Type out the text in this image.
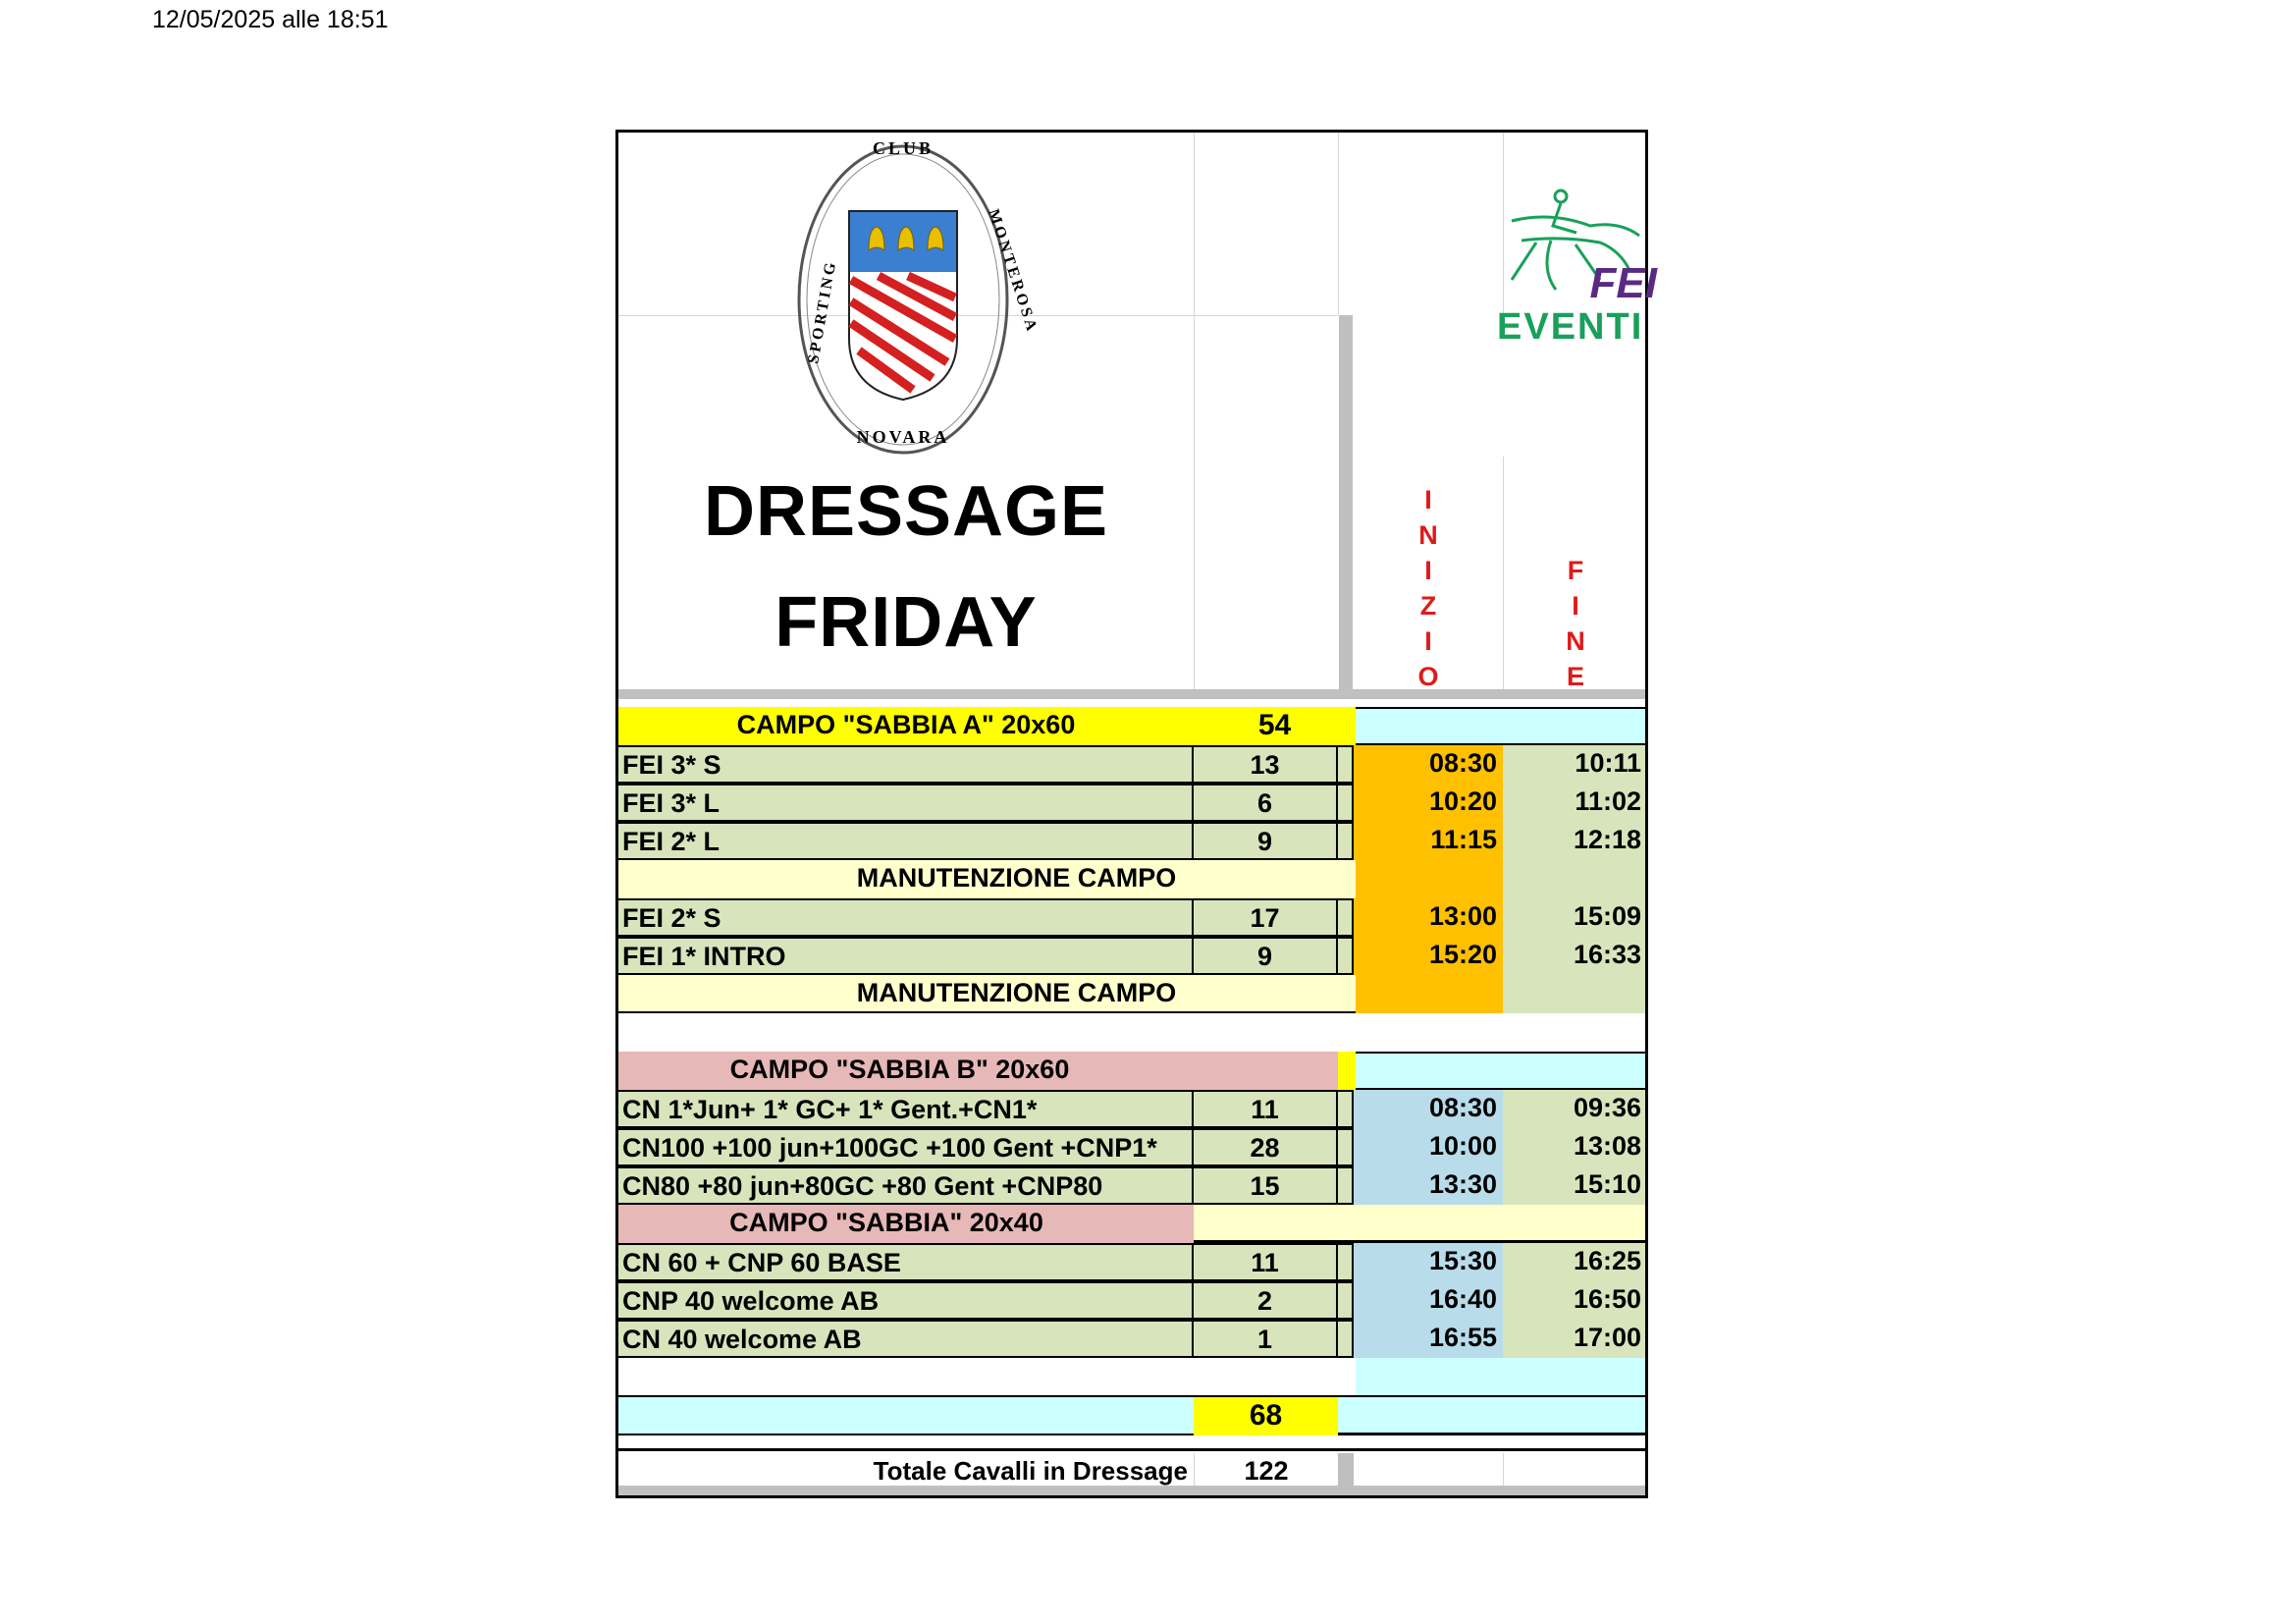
12/05/2025 alle 18:51
CLUB
NOVARA
SPORTING	MONTEROSA	FEI
EVENTI
DRESSAGE
FRIDAY
I
N
I
Z
I
O
F
I
N
E
CAMPO "SABBIA A" 20x60	54
FEI 3* S	13	08:30	10:11
FEI 3* L	6	10:20	11:02
FEI 2* L	9	11:15	12:18
MANUTENZIONE CAMPO
FEI 2* S	17	13:00	15:09
FEI 1* INTRO	9	15:20	16:33
MANUTENZIONE CAMPO
CAMPO "SABBIA B" 20x60
CN 1*Jun+ 1* GC+ 1* Gent.+CN1*	11	08:30	09:36
CN100 +100 jun+100GC +100 Gent +CNP1*	28	10:00	13:08
CN80 +80 jun+80GC +80 Gent +CNP80	15	13:30	15:10
CAMPO "SABBIA" 20x40
CN 60 + CNP 60 BASE	11	15:30	16:25
CNP 40 welcome AB	2	16:40	16:50
CN 40 welcome AB	1	16:55	17:00
68
Totale Cavalli in Dressage	122
